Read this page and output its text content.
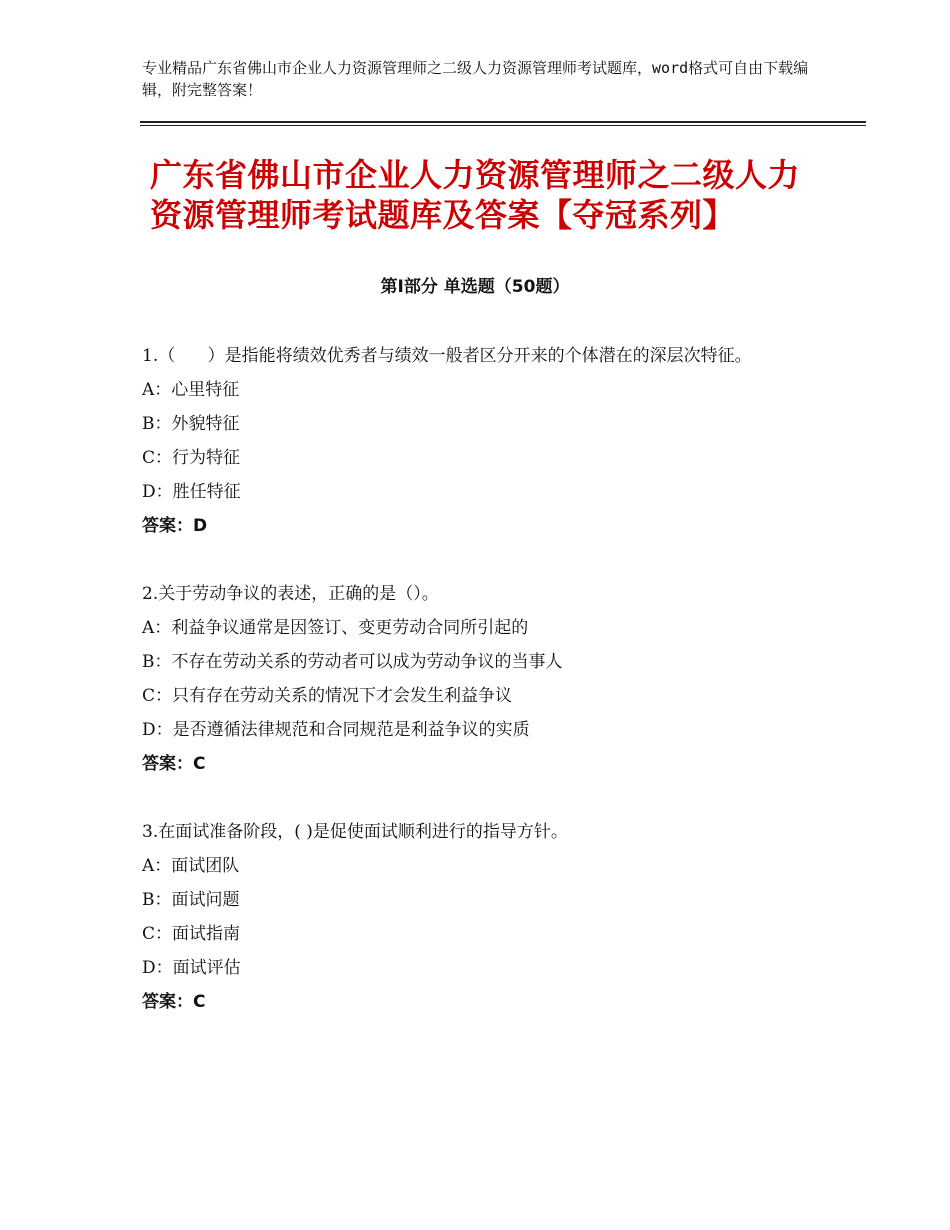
专业精品广东省佛山市企业人力资源管理师之二级人力资源管理师考试题库，word格式可自由下载编辑，附完整答案！
广东省佛山市企业人力资源管理师之二级人力资源管理师考试题库及答案【夺冠系列】
第Ⅰ部分 单选题（50题）
1.（      ）是指能将绩效优秀者与绩效一般者区分开来的个体潜在的深层次特征。
A：心里特征
B：外貌特征
C：行为特征
D：胜任特征
答案：D
2.关于劳动争议的表述，正确的是（）。
A：利益争议通常是因签订、变更劳动合同所引起的
B：不存在劳动关系的劳动者可以成为劳动争议的当事人
C：只有存在劳动关系的情况下才会发生利益争议
D：是否遵循法律规范和合同规范是利益争议的实质
答案：C
3.在面试准备阶段，( )是促使面试顺利进行的指导方针。
A：面试团队
B：面试问题
C：面试指南
D：面试评估
答案：C
